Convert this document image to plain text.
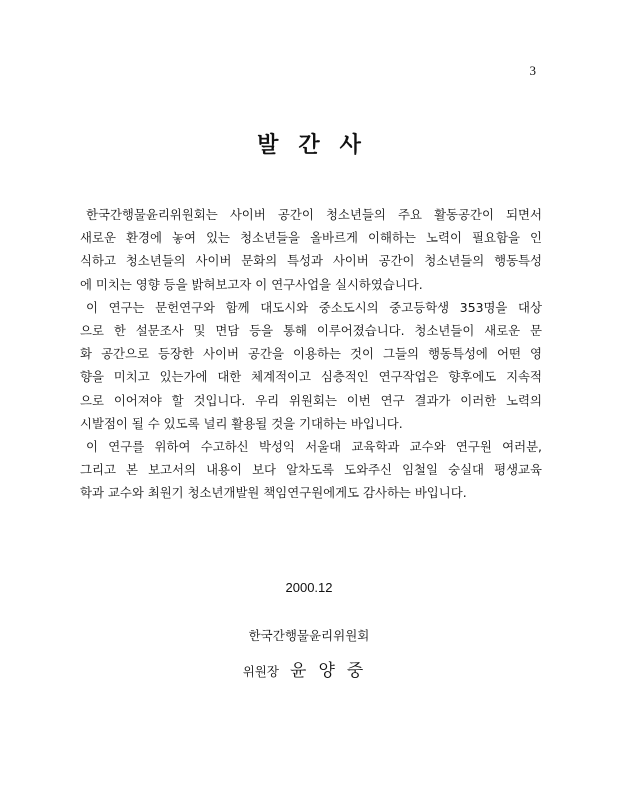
3
발간사
한국간행물윤리위원회는 사이버 공간이 청소년들의 주요 활동공간이 되면서
새로운 환경에 놓여 있는 청소년들을 올바르게 이해하는 노력이 필요함을 인
식하고 청소년들의 사이버 문화의 특성과 사이버 공간이 청소년들의 행동특성
에 미치는 영향 등을 밝혀보고자 이 연구사업을 실시하였습니다.
이 연구는 문헌연구와 함께 대도시와 중소도시의 중고등학생 353명을 대상
으로 한 설문조사 및 면담 등을 통해 이루어졌습니다. 청소년들이 새로운 문
화 공간으로 등장한 사이버 공간을 이용하는 것이 그들의 행동특성에 어떤 영
향을 미치고 있는가에 대한 체계적이고 심층적인 연구작업은 향후에도 지속적
으로 이어져야 할 것입니다. 우리 위원회는 이번 연구 결과가 이러한 노력의
시발점이 될 수 있도록 널리 활용될 것을 기대하는 바입니다.
이 연구를 위하여 수고하신 박성익 서울대 교육학과 교수와 연구원 여러분,
그리고 본 보고서의 내용이 보다 알차도록 도와주신 임철일 숭실대 평생교육
학과 교수와 최원기 청소년개발원 책임연구원에게도 감사하는 바입니다.
2000.12
한국간행물윤리위원회
위원장 윤양중
